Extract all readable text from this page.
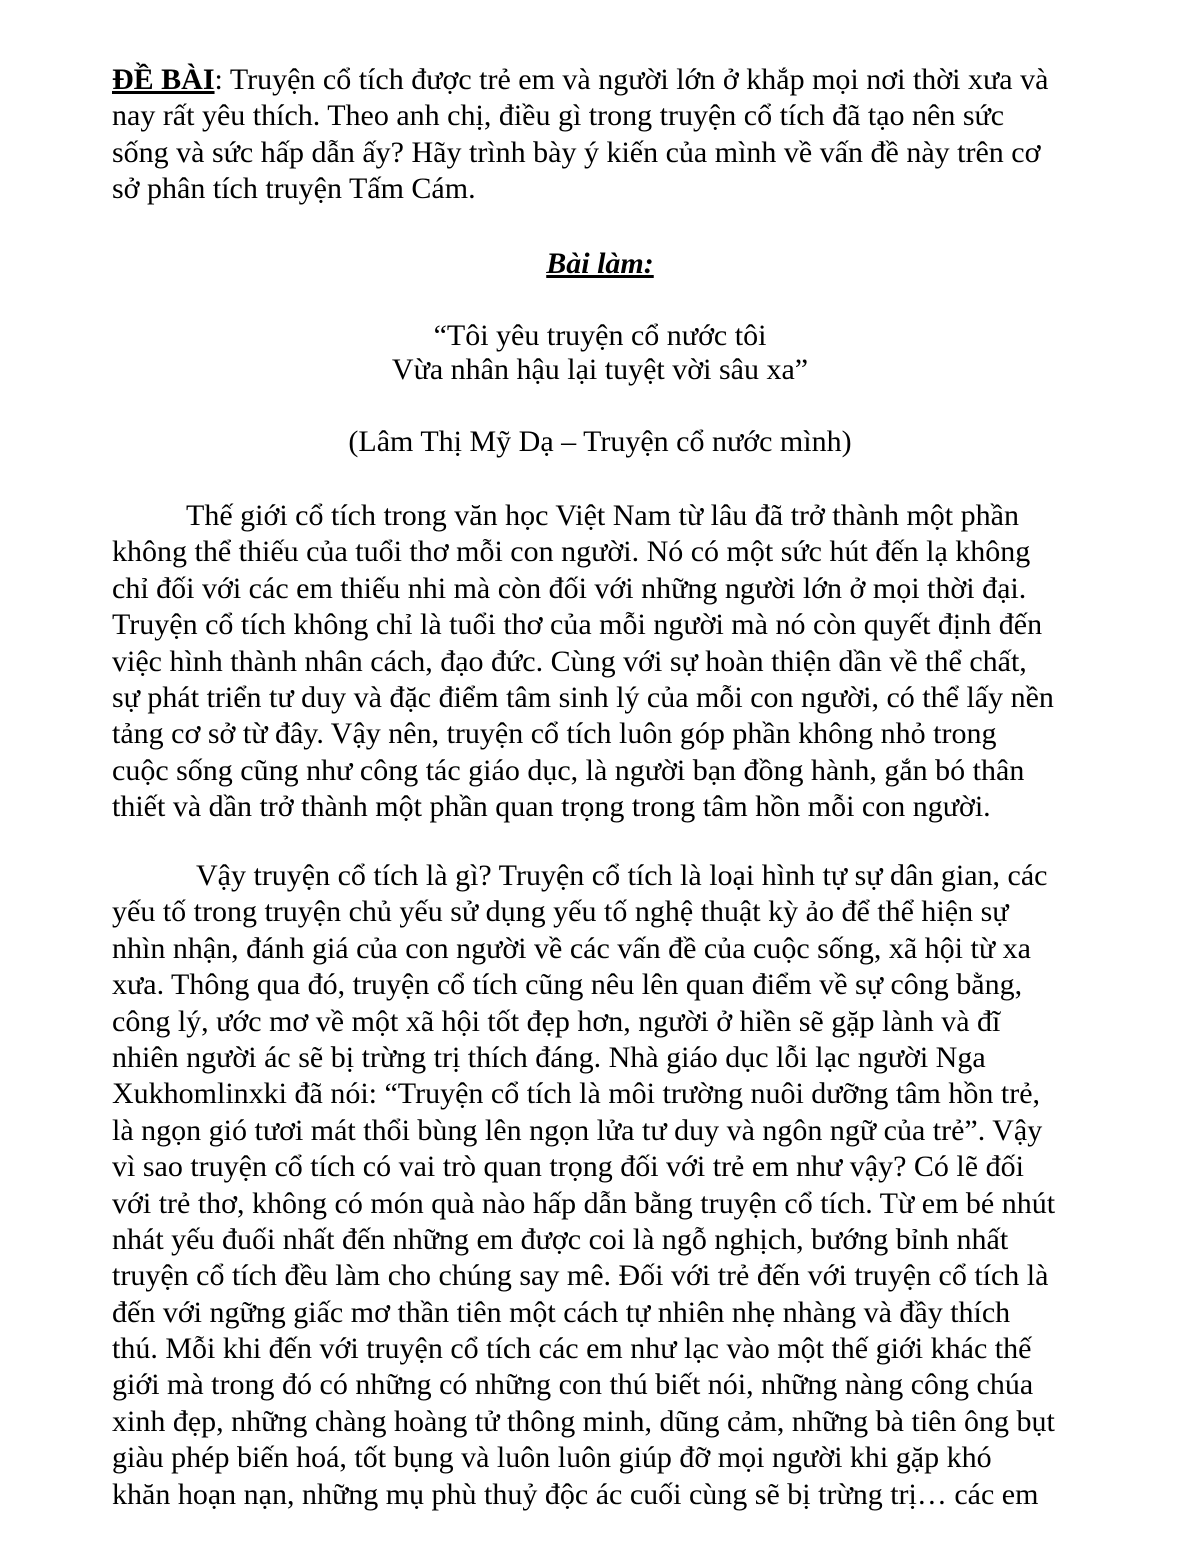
ĐỀ BÀI: Truyện cổ tích được trẻ em và người lớn ở khắp mọi nơi thời xưa và
nay rất yêu thích. Theo anh chị, điều gì trong truyện cổ tích đã tạo nên sức
sống và sức hấp dẫn ấy? Hãy trình bày ý kiến của mình về vấn đề này trên cơ
sở phân tích truyện Tấm Cám.
Bài làm:
“Tôi yêu truyện cổ nước tôi
Vừa nhân hậu lại tuyệt vời sâu xa”
(Lâm Thị Mỹ Dạ – Truyện cổ nước mình)
Thế giới cổ tích trong văn học Việt Nam từ lâu đã trở thành một phần
không thể thiếu của tuổi thơ mỗi con người. Nó có một sức hút đến lạ không
chỉ đối với các em thiếu nhi mà còn đối với những người lớn ở mọi thời đại.
Truyện cổ tích không chỉ là tuổi thơ của mỗi người mà nó còn quyết định đến
việc hình thành nhân cách, đạo đức. Cùng với sự hoàn thiện dần về thể chất,
sự phát triển tư duy và đặc điểm tâm sinh lý của mỗi con người, có thể lấy nền
tảng cơ sở từ đây. Vậy nên, truyện cổ tích luôn góp phần không nhỏ trong
cuộc sống cũng như công tác giáo dục, là người bạn đồng hành, gắn bó thân
thiết và dần trở thành một phần quan trọng trong tâm hồn mỗi con người.
Vậy truyện cổ tích là gì? Truyện cổ tích là loại hình tự sự dân gian, các
yếu tố trong truyện chủ yếu sử dụng yếu tố nghệ thuật kỳ ảo để thể hiện sự
nhìn nhận, đánh giá của con người về các vấn đề của cuộc sống, xã hội từ xa
xưa. Thông qua đó, truyện cổ tích cũng nêu lên quan điểm về sự công bằng,
công lý, ước mơ về một xã hội tốt đẹp hơn, người ở hiền sẽ gặp lành và đĩ
nhiên người ác sẽ bị trừng trị thích đáng. Nhà giáo dục lỗi lạc người Nga
Xukhomlinxki đã nói: “Truyện cổ tích là môi trường nuôi dưỡng tâm hồn trẻ,
là ngọn gió tươi mát thổi bùng lên ngọn lửa tư duy và ngôn ngữ của trẻ”. Vậy
vì sao truyện cổ tích có vai trò quan trọng đối với trẻ em như vậy? Có lẽ đối
với trẻ thơ, không có món quà nào hấp dẫn bằng truyện cổ tích. Từ em bé nhút
nhát yếu đuối nhất đến những em được coi là ngỗ nghịch, bướng bỉnh nhất
truyện cổ tích đều làm cho chúng say mê. Đối với trẻ đến với truyện cổ tích là
đến với ngững giấc mơ thần tiên một cách tự nhiên nhẹ nhàng và đầy thích
thú. Mỗi khi đến với truyện cổ tích các em như lạc vào một thế giới khác thế
giới mà trong đó có những có những con thú biết nói, những nàng công chúa
xinh đẹp, những chàng hoàng tử thông minh, dũng cảm, những bà tiên ông bụt
giàu phép biến hoá, tốt bụng và luôn luôn giúp đỡ mọi người khi gặp khó
khăn hoạn nạn, những mụ phù thuỷ độc ác cuối cùng sẽ bị trừng trị… các em
